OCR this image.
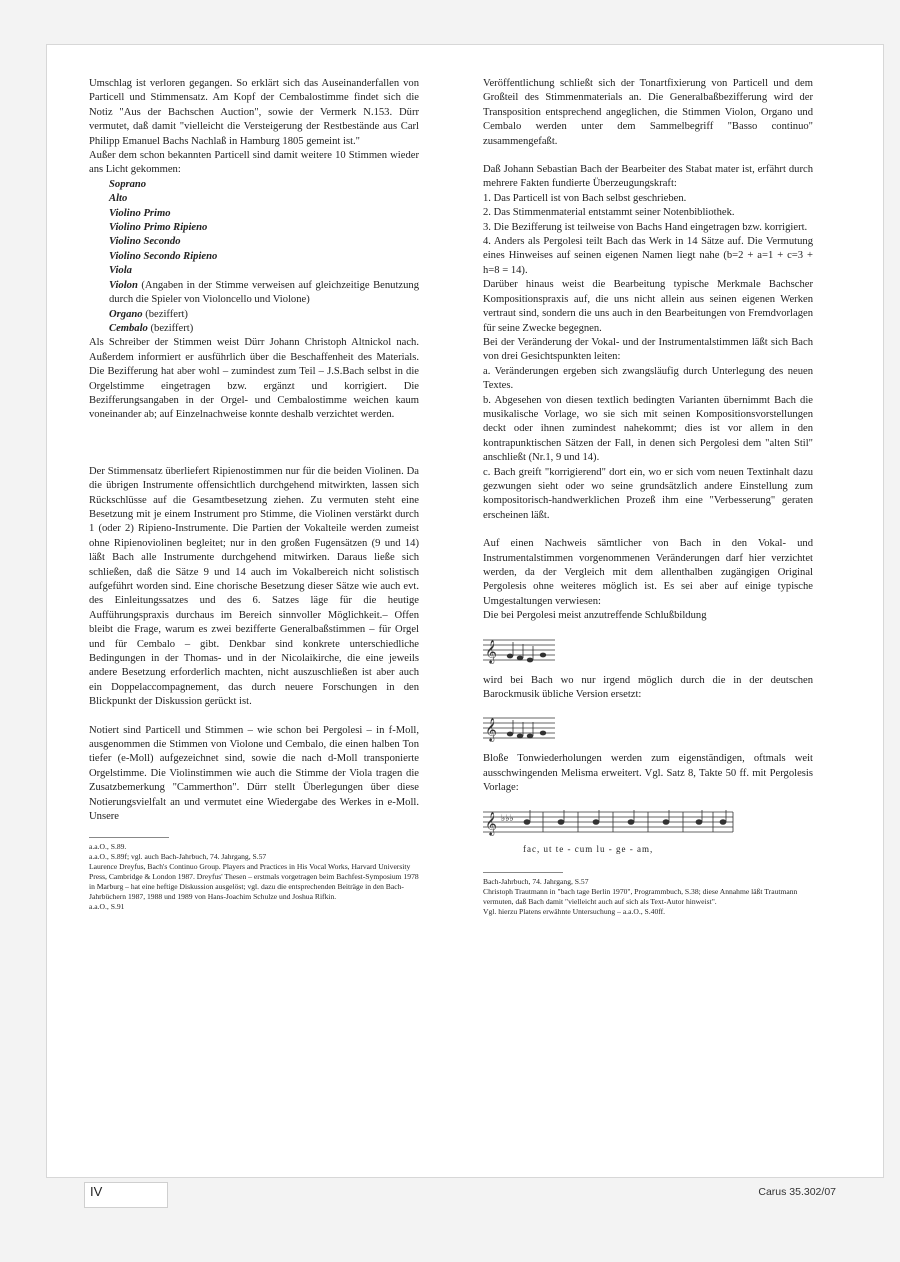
Umschlag ist verloren gegangen. So erklärt sich das Auseinanderfallen von Particell und Stimmensatz. Am Kopf der Cembalostimme findet sich die Notiz "Aus der Bachschen Auction", sowie der Vermerk N.153. Dürr vermutet, daß damit "vielleicht die Versteigerung der Restbestände aus Carl Philipp Emanuel Bachs Nachlaß in Hamburg 1805 gemeint ist."

Außer dem schon bekannten Particell sind damit weitere 10 Stimmen wieder ans Licht gekommen:

Soprano

Alto

Violino Primo

Violino Primo Ripieno

Violino Secondo

Violino Secondo Ripieno

Viola

Violon (Angaben in der Stimme verweisen auf gleichzeitige Benutzung durch die Spieler von Violoncello und Violone)

Organo (beziffert)

Cembalo (beziffert)

Als Schreiber der Stimmen weist Dürr Johann Christoph Altnickol nach. Außerdem informiert er ausführlich über die Beschaffenheit des Materials. Die Bezifferung hat aber wohl – zumindest zum Teil – J.S.Bach selbst in die Orgelstimme eingetragen bzw. ergänzt und korrigiert. Die Bezifferungsangaben in der Orgel- und Cembalostimme weichen kaum voneinander ab; auf Einzelnachweise konnte deshalb verzichtet werden.

Der Stimmensatz überliefert Ripienostimmen nur für die beiden Violinen. Da die übrigen Instrumente offensichtlich durchgehend mitwirkten, lassen sich Rückschlüsse auf die Gesamtbesetzung ziehen. Zu vermuten steht eine Besetzung mit je einem Instrument pro Stimme, die Violinen verstärkt durch 1 (oder 2) Ripieno-Instrumente. Die Partien der Vokalteile werden zumeist ohne Ripienoviolinen begleitet; nur in den großen Fugensätzen (9 und 14) läßt Bach alle Instrumente durchgehend mitwirken. Daraus ließe sich schließen, daß die Sätze 9 und 14 auch im Vokalbereich nicht solistisch aufgeführt worden sind. Eine chorische Besetzung dieser Sätze wie auch evt. des Einleitungssatzes und des 6. Satzes läge für die heutige Aufführungspraxis durchaus im Bereich sinnvoller Möglichkeit.– Offen bleibt die Frage, warum es zwei bezifferte Generalbaßstimmen – für Orgel und für Cembalo – gibt. Denkbar sind konkrete unterschiedliche Bedingungen in der Thomas- und in der Nicolaikirche, die eine jeweils andere Besetzung erforderlich machten, nicht auszuschließen ist aber auch ein Doppelaccompagnement, das durch neuere Forschungen in den Blickpunkt der Diskussion gerückt ist.

Notiert sind Particell und Stimmen – wie schon bei Pergolesi – in f-Moll, ausgenommen die Stimmen von Violone und Cembalo, die einen halben Ton tiefer (e-Moll) aufgezeichnet sind, sowie die nach d-Moll transponierte Orgelstimme. Die Violinstimmen wie auch die Stimme der Viola tragen die Zusatzbemerkung "Cammerthon". Dürr stellt Überlegungen über diese Notierungsvielfalt an und vermutet eine Wiedergabe des Werkes in e-Moll. Unsere

a.a.O., S.89.

a.a.O., S.89f; vgl. auch Bach-Jahrbuch, 74. Jahrgang, S.57

Laurence Dreyfus, Bach's Continuo Group. Players and Practices in His Vocal Works, Harvard University Press, Cambridge & London 1987. Dreyfus' Thesen – erstmals vorgetragen beim Bachfest-Symposium 1978 in Marburg – hat eine heftige Diskussion ausgelöst; vgl. dazu die entsprechenden Beiträge in den Bach-Jahrbüchern 1987, 1988 und 1989 von Hans-Joachim Schulze und Joshua Rifkin.

a.a.O., S.91

Veröffentlichung schließt sich der Tonartfixierung von Particell und dem Großteil des Stimmenmaterials an. Die Generalbaßbezifferung wird der Transposition entsprechend angeglichen, die Stimmen Violon, Organo und Cembalo werden unter dem Sammelbegriff "Basso continuo" zusammengefaßt.

Daß Johann Sebastian Bach der Bearbeiter des Stabat mater ist, erfährt durch mehrere Fakten fundierte Überzeugungskraft:

1. Das Particell ist von Bach selbst geschrieben.

2. Das Stimmenmaterial entstammt seiner Notenbibliothek.

3. Die Bezifferung ist teilweise von Bachs Hand eingetragen bzw. korrigiert.

4. Anders als Pergolesi teilt Bach das Werk in 14 Sätze auf. Die Vermutung eines Hinweises auf seinen eigenen Namen liegt nahe (b=2 + a=1 + c=3 + h=8 = 14).

Darüber hinaus weist die Bearbeitung typische Merkmale Bachscher Kompositionspraxis auf, die uns nicht allein aus seinen eigenen Werken vertraut sind, sondern die uns auch in den Bearbeitungen von Fremdvorlagen für seine Zwecke begegnen.

Bei der Veränderung der Vokal- und der Instrumentalstimmen läßt sich Bach von drei Gesichtspunkten leiten:

a. Veränderungen ergeben sich zwangsläufig durch Unterlegung des neuen Textes.

b. Abgesehen von diesen textlich bedingten Varianten übernimmt Bach die musikalische Vorlage, wo sie sich mit seinen Kompositionsvorstellungen deckt oder ihnen zumindest nahekommt; dies ist vor allem in den kontrapunktischen Sätzen der Fall, in denen sich Pergolesi dem "alten Stil" anschließt (Nr.1, 9 und 14).

c. Bach greift "korrigierend" dort ein, wo er sich vom neuen Textinhalt dazu gezwungen sieht oder wo seine grundsätzlich andere Einstellung zum kompositorisch-handwerklichen Prozeß ihm eine "Verbesserung" geraten erscheinen läßt.

Auf einen Nachweis sämtlicher von Bach in den Vokal- und Instrumentalstimmen vorgenommenen Veränderungen darf hier verzichtet werden, da der Vergleich mit dem allenthalben zugängigen Original Pergolesis ohne weiteres möglich ist. Es sei aber auf einige typische Umgestaltungen verwiesen:

Die bei Pergolesi meist anzutreffende Schlußbildung

𝄞

wird bei Bach wo nur irgend möglich durch die in der deutschen Barockmusik übliche Version ersetzt:

𝄞

Bloße Tonwiederholungen werden zum eigenständigen, oftmals weit ausschwingenden Melisma erweitert. Vgl. Satz 8, Takte 50 ff. mit Pergolesis Vorlage:

𝄞 ♭♭♭

fac, ut te - cum lu - ge - am,

Bach-Jahrbuch, 74. Jahrgang, S.57

Christoph Trautmann in "bach tage Berlin 1970", Programmbuch, S.38; diese Annahme läßt Trautmann vermuten, daß Bach damit "vielleicht auch auf sich als Text-Autor hinweist".

Vgl. hierzu Platens erwähnte Untersuchung – a.a.O., S.40ff.

IV	Carus 35.302/07
